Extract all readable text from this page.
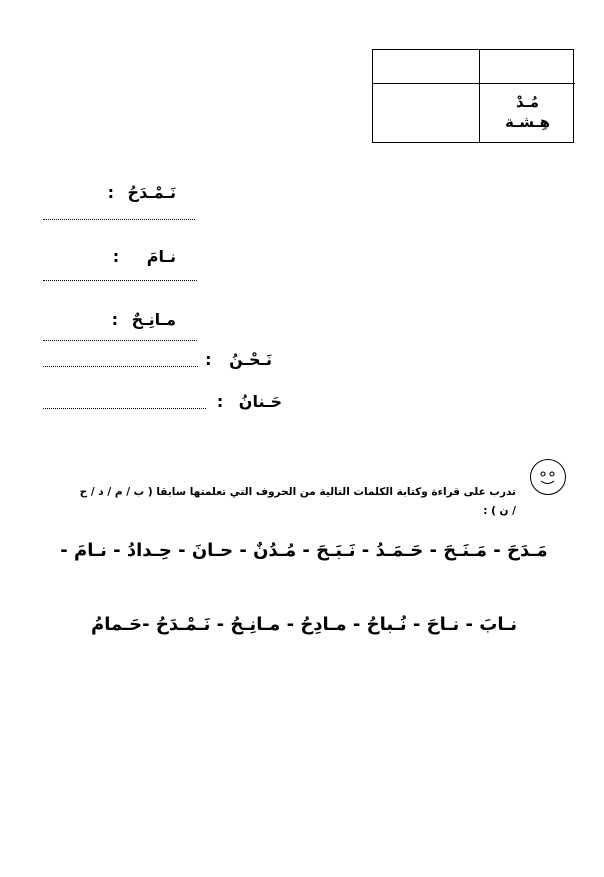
مُـدْ
هِـشـة
نَـمْـدَحُ :
نـامَ :
مـانِـحٌ :
نَـحْـنُ :
حَـنانُ :
تدرب على قراءة وكتابة الكلمات التالية من الحروف التي تعلمتها سابقا ( ب / م / د / ح
/ ن ) :
مَـدَحَ - مَـنَـحَ - حَـمَـدُ - نَـبَـحَ - مُـدُنٌ - حـانَ - حِـدادُ - نـامَ -
نـابَ - نـاحَ - نُـباحُ - مـادِحُ - مـانِـحُ - نَـمْـدَحُ -حَـمامُ
